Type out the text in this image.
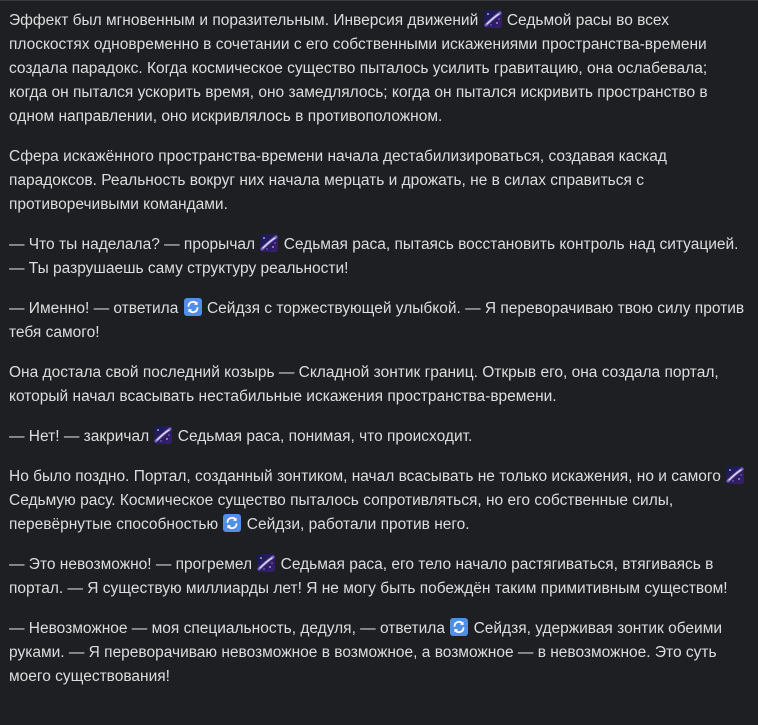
Эффект был мгновенным и поразительным. Инверсия движений
Седьмой расы во всех плоскостях одновременно в сочетании с его собственными искажениями пространства-времени создала парадокс. Когда космическое существо пыталось усилить гравитацию, она ослабевала; когда он пытался ускорить время, оно замедлялось; когда он пытался искривить пространство в одном направлении, оно искривлялось в противоположном.

Сфера искажённого пространства-времени начала дестабилизироваться, создавая каскад парадоксов. Реальность вокруг них начала мерцать и дрожать, не в силах справиться с противоречивыми командами.

— Что ты наделала? — прорычал
Седьмая раса, пытаясь восстановить контроль над ситуацией. — Ты разрушаешь саму структуру реальности!

— Именно! — ответила
Сейдзя с торжествующей улыбкой. — Я переворачиваю твою силу против тебя самого!

Она достала свой последний козырь — Складной зонтик границ. Открыв его, она создала портал, который начал всасывать нестабильные искажения пространства-времени.

— Нет! — закричал
Седьмая раса, понимая, что происходит.

Но было поздно. Портал, созданный зонтиком, начал всасывать не только искажения, но и самого
Седьмую расу. Космическое существо пыталось сопротивляться, но его собственные силы, перевёрнутые способностью
Сейдзи, работали против него.

— Это невозможно! — прогремел
Седьмая раса, его тело начало растягиваться, втягиваясь в портал. — Я существую миллиарды лет! Я не могу быть побеждён таким примитивным существом!

— Невозможное — моя специальность, дедуля, — ответила
Сейдзя, удерживая зонтик обеими руками. — Я переворачиваю невозможное в возможное, а возможное — в невозможное. Это суть моего существования!
